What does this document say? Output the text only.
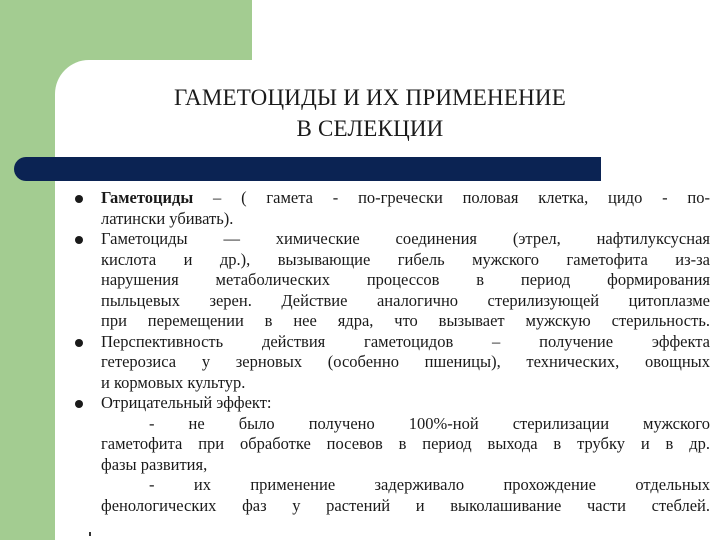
ГАМЕТОЦИДЫ И ИХ ПРИМЕНЕНИЕ
В СЕЛЕКЦИИ
Гаметоциды – ( гамета - по-гречески половая клетка, цидо - по-
латински убивать).
Гаметоциды — химические соединения (этрел, нафтилуксусная
кислота и др.), вызывающие гибель мужского гаметофита из-за
нарушения метаболических процессов в период формирования
пыльцевых зерен. Действие аналогично стерилизующей цитоплазме
при перемещении в нее ядра, что вызывает мужскую стерильность.
Перспективность действия гаметоцидов – получение эффекта
гетерозиса у зерновых (особенно пшеницы), технических, овощных
и кормовых культур.
Отрицательный эффект:
- не было получено 100%-ной стерилизации мужского
гаметофита при обработке посевов в период выхода в трубку и в др.
фазы развития,
- их применение задерживало прохождение отдельных
фенологических фаз у растений и выколашивание части стеблей.
